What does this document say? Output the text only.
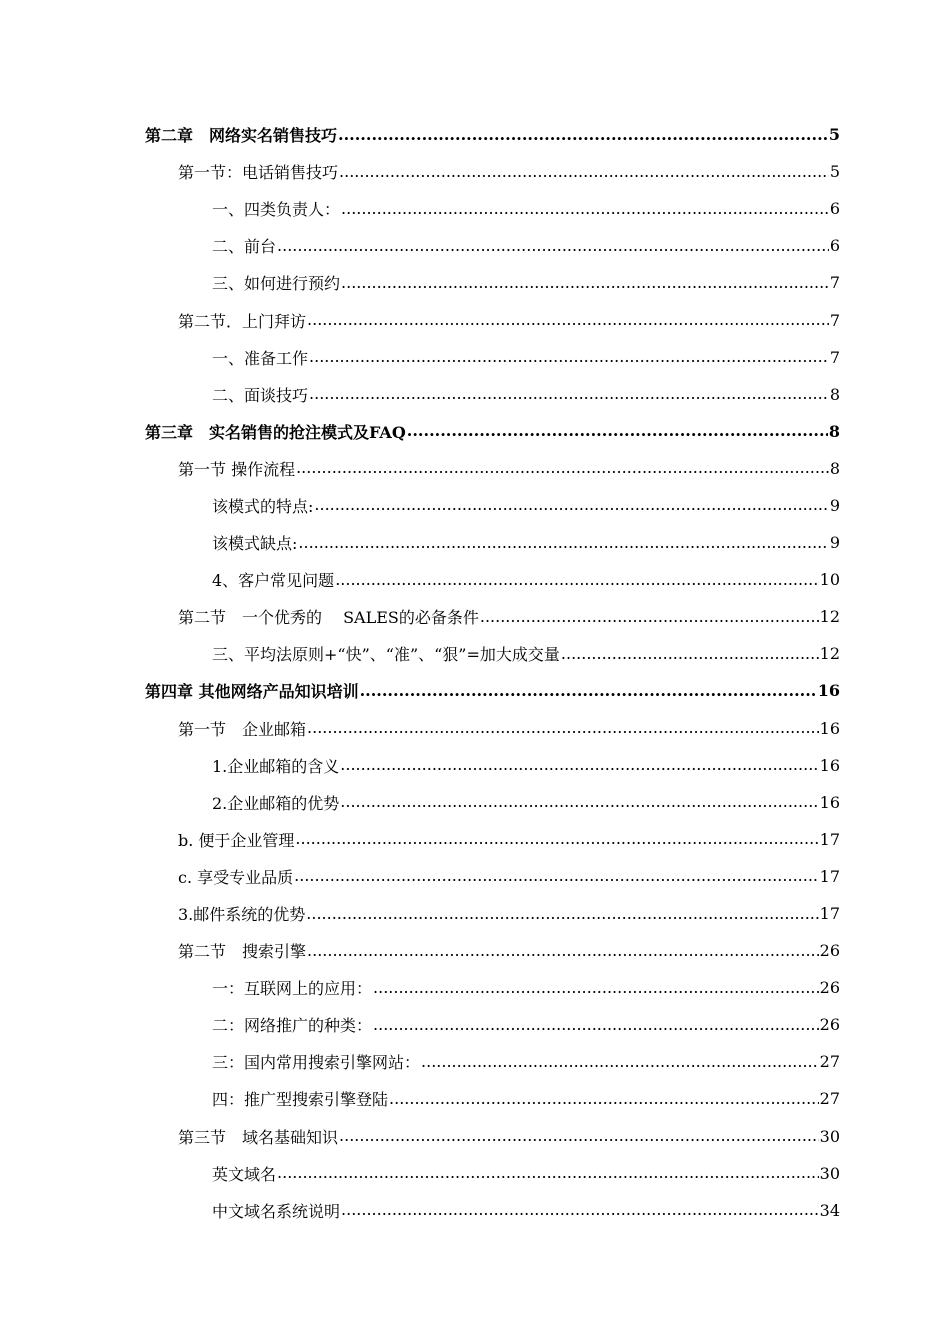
第二章　网络实名销售技巧 .....	5
第一节：电话销售技巧 .....	5
一、四类负责人： .....	6
二、前台 .....	6
三、如何进行预约 .....	7
第二节．上门拜访 .....	7
一、准备工作 .....	7
二、面谈技巧 .....	8
第三章　实名销售的抢注模式及FAQ .....	8
第一节 操作流程 .....	8
该模式的特点: .....	9
该模式缺点: .....	9
4、客户常见问题 .....	10
第二节　一个优秀的　 SALES的必备条件 .....	12
三、平均法原则+“快”、“准”、“狠”=加大成交量 .....	12
第四章 其他网络产品知识培训 .....	16
第一节　企业邮箱 .....	16
1.企业邮箱的含义 .....	16
2.企业邮箱的优势 .....	16
b. 便于企业管理 .....	17
c. 享受专业品质 .....	17
3.邮件系统的优势 .....	17
第二节　搜索引擎 .....	26
一：互联网上的应用： .....	26
二：网络推广的种类： .....	26
三：国内常用搜索引擎网站： .....	27
四：推广型搜索引擎登陆 .....	27
第三节　域名基础知识 .....	30
英文域名 .....	30
中文域名系统说明 .....	34
